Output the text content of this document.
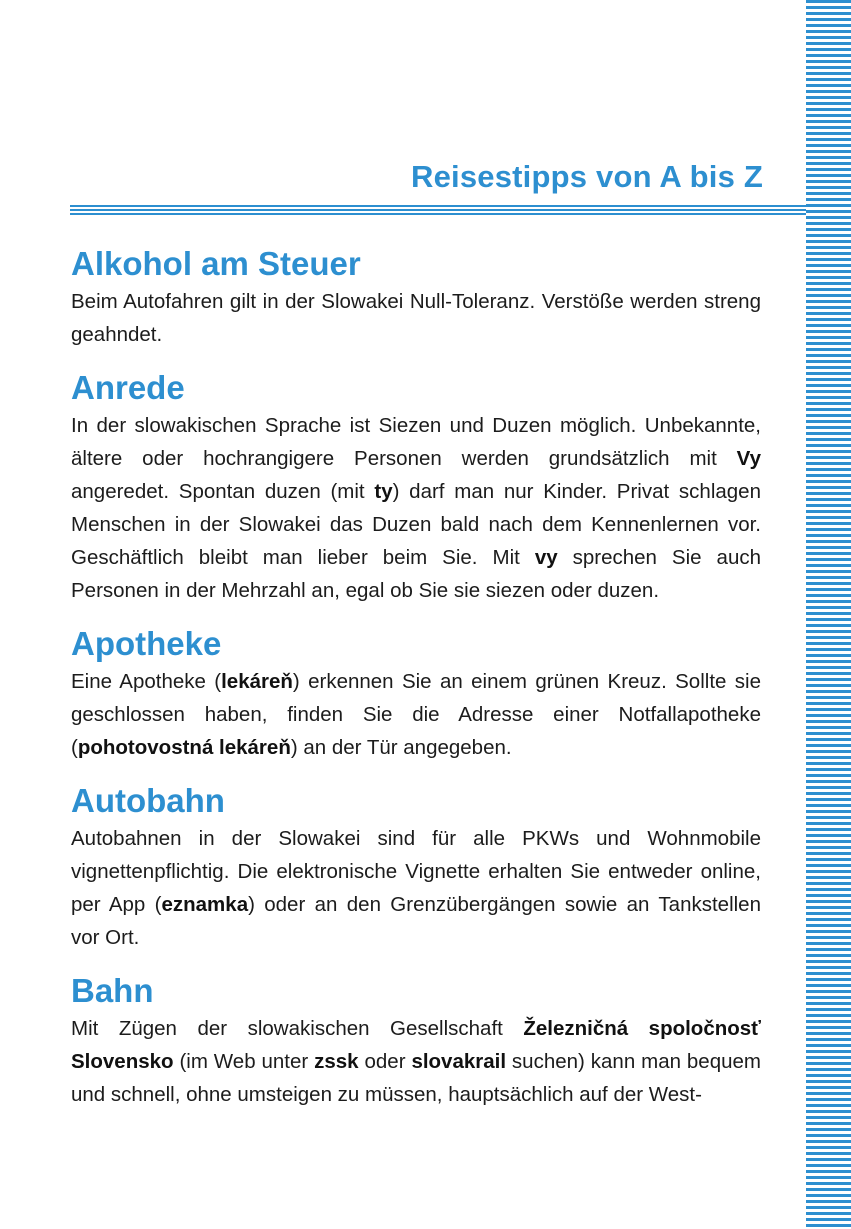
Reisestipps von A bis Z
Alkohol am Steuer

Beim Autofahren gilt in der Slowakei Null-Toleranz. Verstöße werden streng geahndet.

Anrede

In der slowakischen Sprache ist Siezen und Duzen möglich. Unbekannte, ältere oder hochrangigere Personen werden grundsätzlich mit Vy angeredet. Spontan duzen (mit ty) darf man nur Kinder. Privat schlagen Menschen in der Slowakei das Duzen bald nach dem Kennenlernen vor. Geschäftlich bleibt man lieber beim Sie. Mit vy sprechen Sie auch Personen in der Mehrzahl an, egal ob Sie sie siezen oder duzen.

Apotheke

Eine Apotheke (lekáreň) erkennen Sie an einem grünen Kreuz. Sollte sie geschlossen haben, finden Sie die Adresse einer Notfallapotheke (pohotovostná lekáreň) an der Tür angegeben.

Autobahn

Autobahnen in der Slowakei sind für alle PKWs und Wohnmobile vignettenpflichtig. Die elektronische Vignette erhalten Sie entweder online, per App (eznamka) oder an den Grenzübergängen sowie an Tankstellen vor Ort.

Bahn

Mit Zügen der slowakischen Gesellschaft Železničná spoločnosť Slovensko (im Web unter zssk oder slovakrail suchen) kann man bequem und schnell, ohne umsteigen zu müssen, hauptsächlich auf der West-
